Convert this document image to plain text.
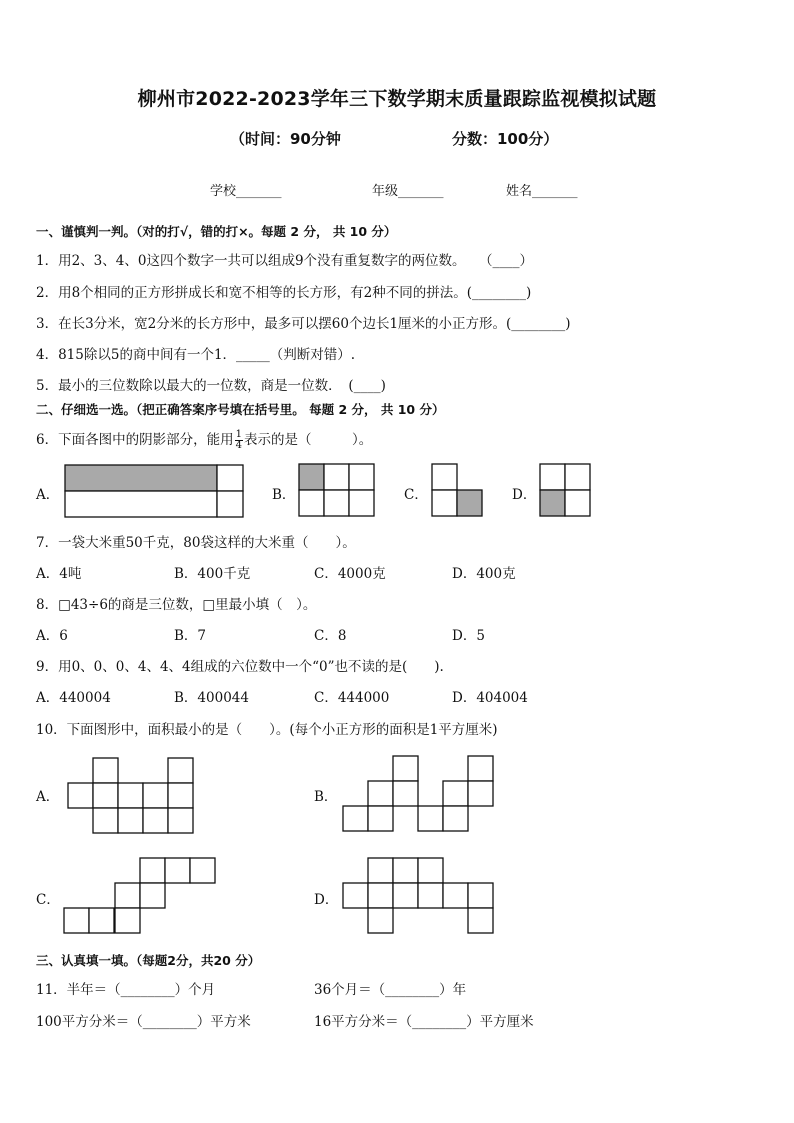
柳州市2022-2023学年三下数学期末质量跟踪监视模拟试题
（时间：90分钟	分数：100分）
学校_______	年级_______	姓名_______
一、谨慎判一判。（对的打√，错的打×。每题 2 分， 共 10 分）
1．用2、3、4、0这四个数字一共可以组成9个没有重复数字的两位数。　　（____）
2．用8个相同的正方形拼成长和宽不相等的长方形，有2种不同的拼法。(________)
3．在长3分米，宽2分米的长方形中，最多可以摆60个边长1厘米的小正方形。(________)
4．815除以5的商中间有一个1．_____（判断对错）.
5．最小的三位数除以最大的一位数，商是一位数．　(____)
二、仔细选一选。（把正确答案序号填在括号里。 每题 2 分， 共 10 分）
6．下面各图中的阴影部分，能用 $\frac{1}{4}$ 表示的是（　　　）。
A．	B．	C．	D．
7．一袋大米重50千克，80袋这样的大米重（　　）。
A．4吨	B．400千克	C．4000克	D．400克
8．□43÷6的商是三位数，□里最小填（　）。
A．6	B．7	C．8	D．5
9．用0、0、0、4、4、4组成的六位数中一个“0”也不读的是(　　).
A．440004	B．400044	C．444000	D．404004
10．下面图形中，面积最小的是（　　）。(每个小正方形的面积是1平方厘米)
A．	B．
C．	D．
三、认真填一填。（每题2分，共20 分）
11．半年＝（________）个月	36个月＝（________）年
100平方分米＝（________）平方米	16平方分米＝（________）平方厘米
